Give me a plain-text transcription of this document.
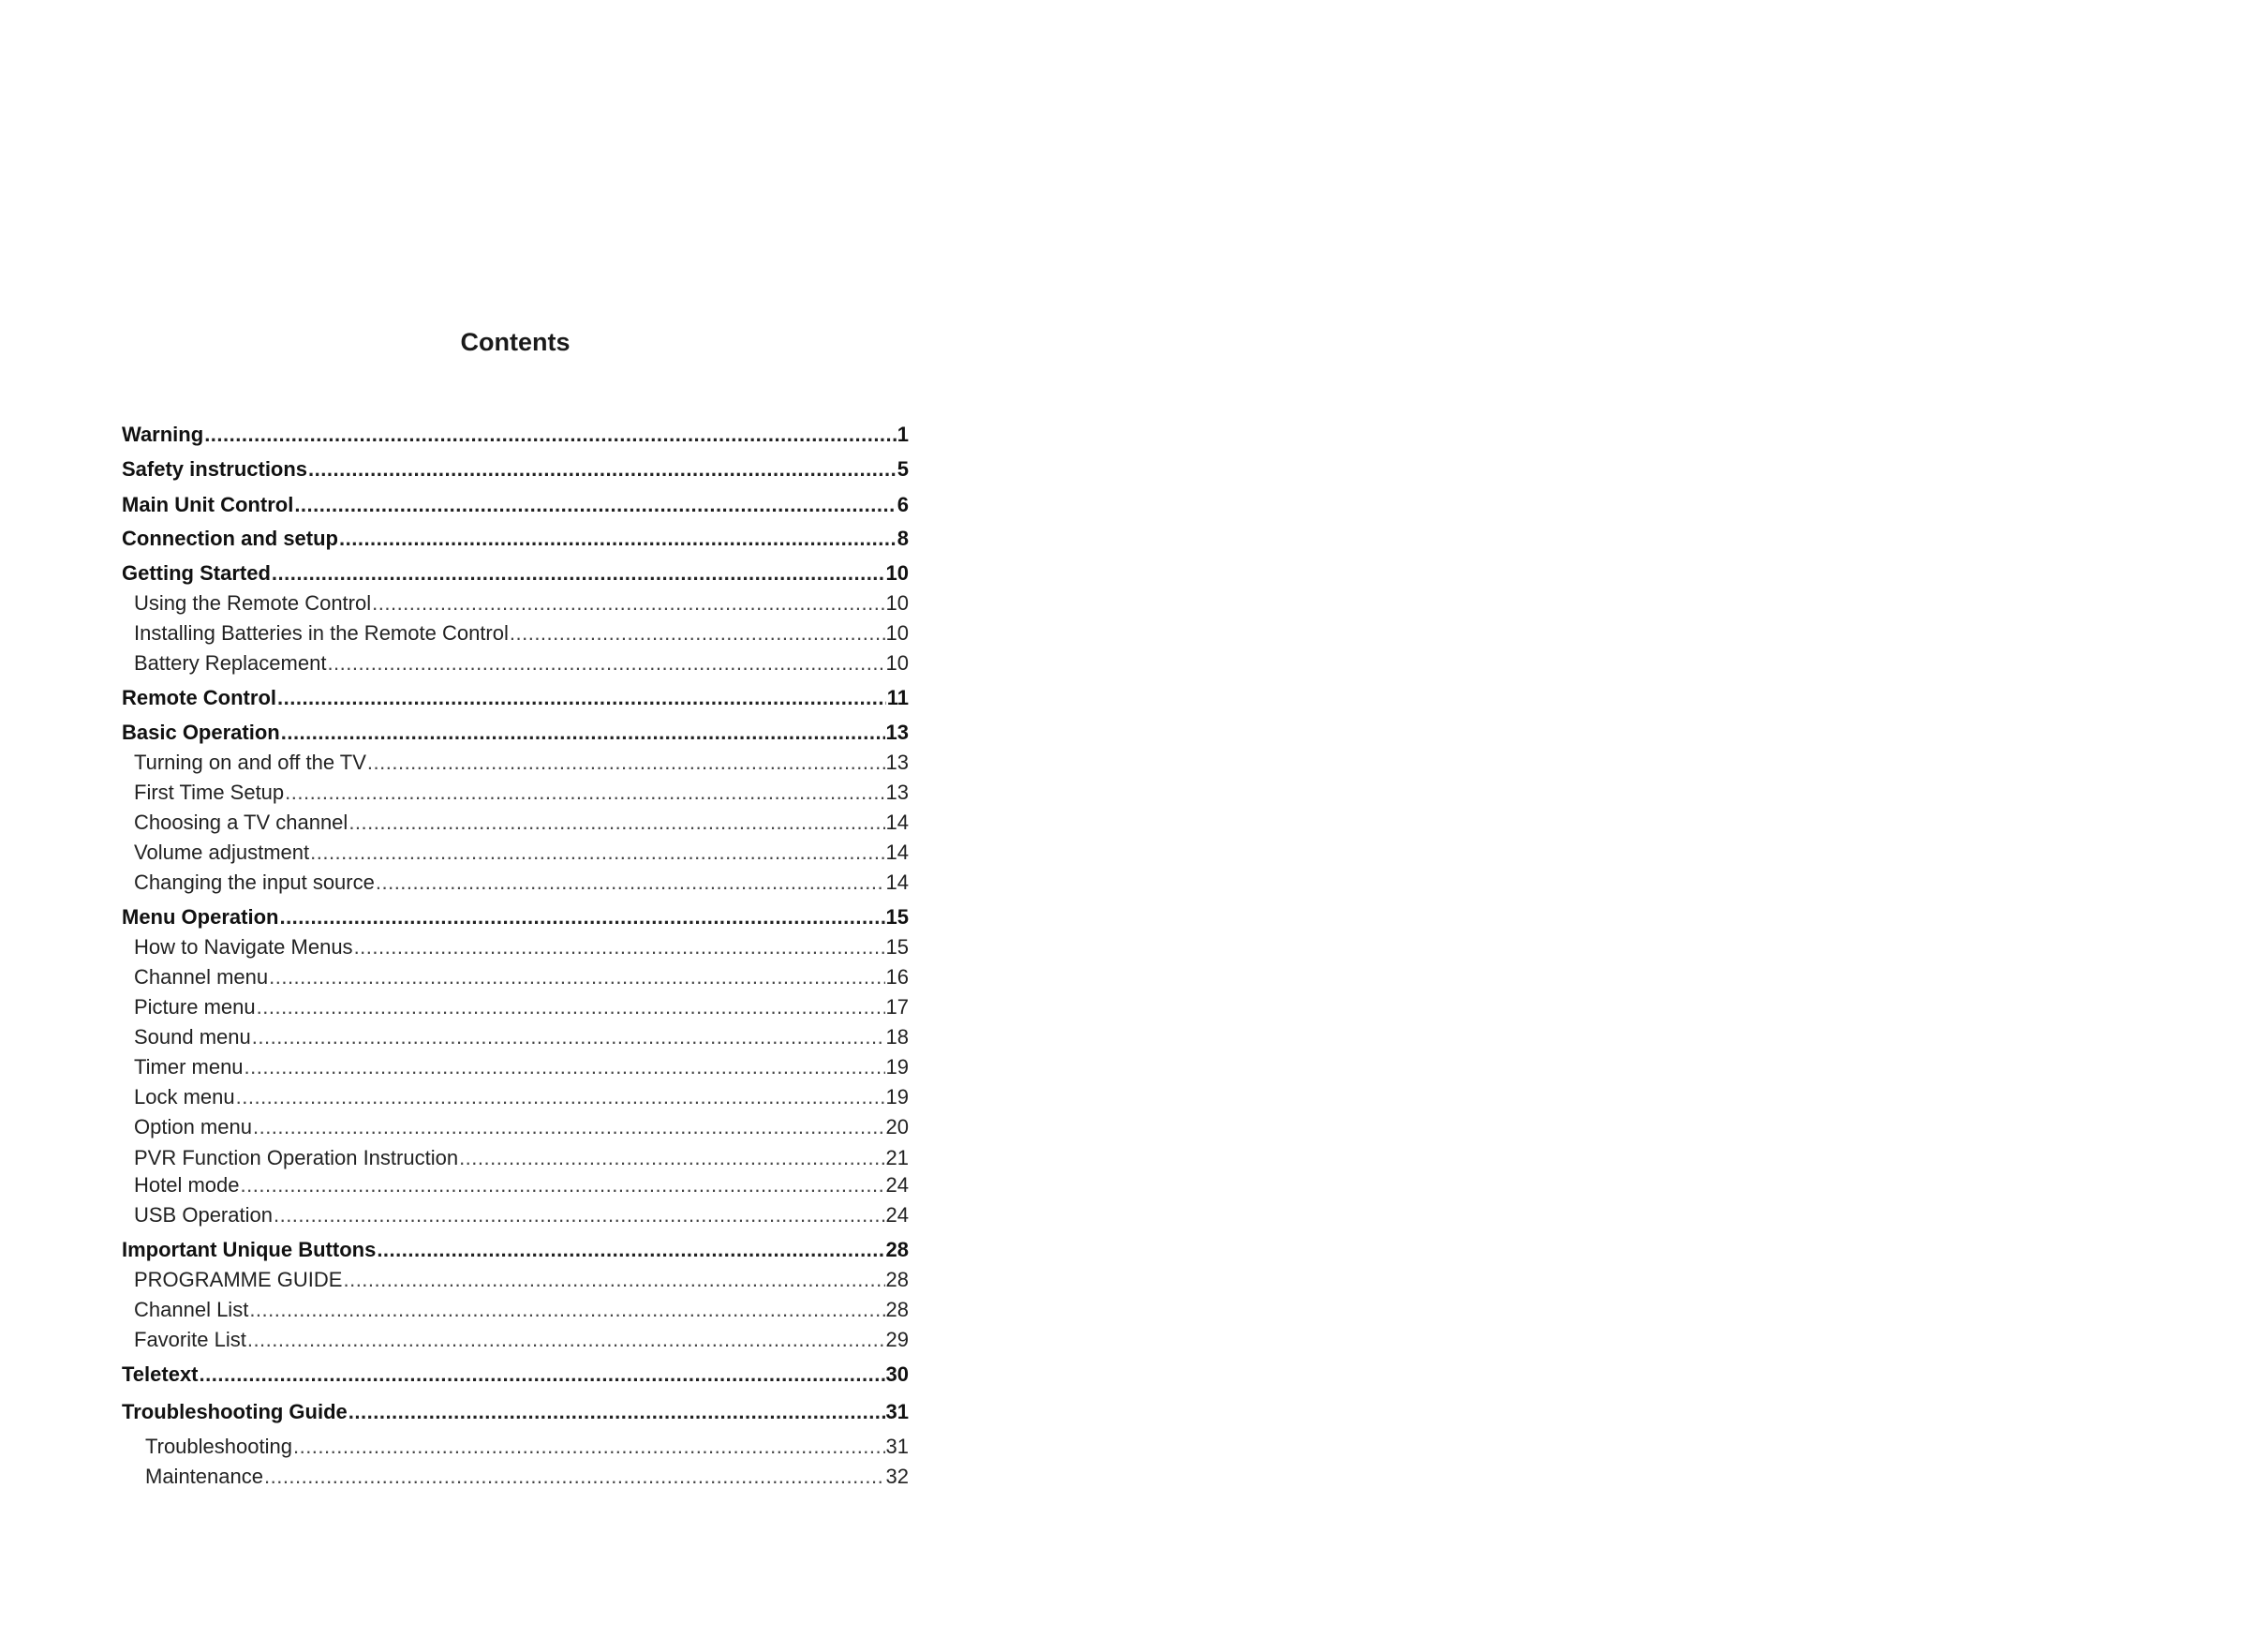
Contents
Warning .....	1
Safety instructions .....	5
Main Unit Control .....	6
Connection and setup .....	8
Getting Started .....	10
Using the Remote Control .....	10
Installing Batteries in the Remote Control .....	10
Battery Replacement .....	10
Remote Control .....	11
Basic Operation .....	13
Turning on and off the TV .....	13
First Time Setup .....	13
Choosing a TV channel .....	14
Volume adjustment .....	14
Changing the input source .....	14
Menu Operation .....	15
How to Navigate Menus .....	15
Channel menu .....	16
Picture menu .....	17
Sound menu .....	18
Timer menu .....	19
Lock menu .....	19
Option menu .....	20
PVR Function Operation Instruction .....	21
Hotel mode .....	24
USB Operation .....	24
Important Unique Buttons .....	28
PROGRAMME GUIDE .....	28
Channel List .....	28
Favorite List .....	29
Teletext .....	30
Troubleshooting Guide .....	31
Troubleshooting .....	31
Maintenance .....	32
